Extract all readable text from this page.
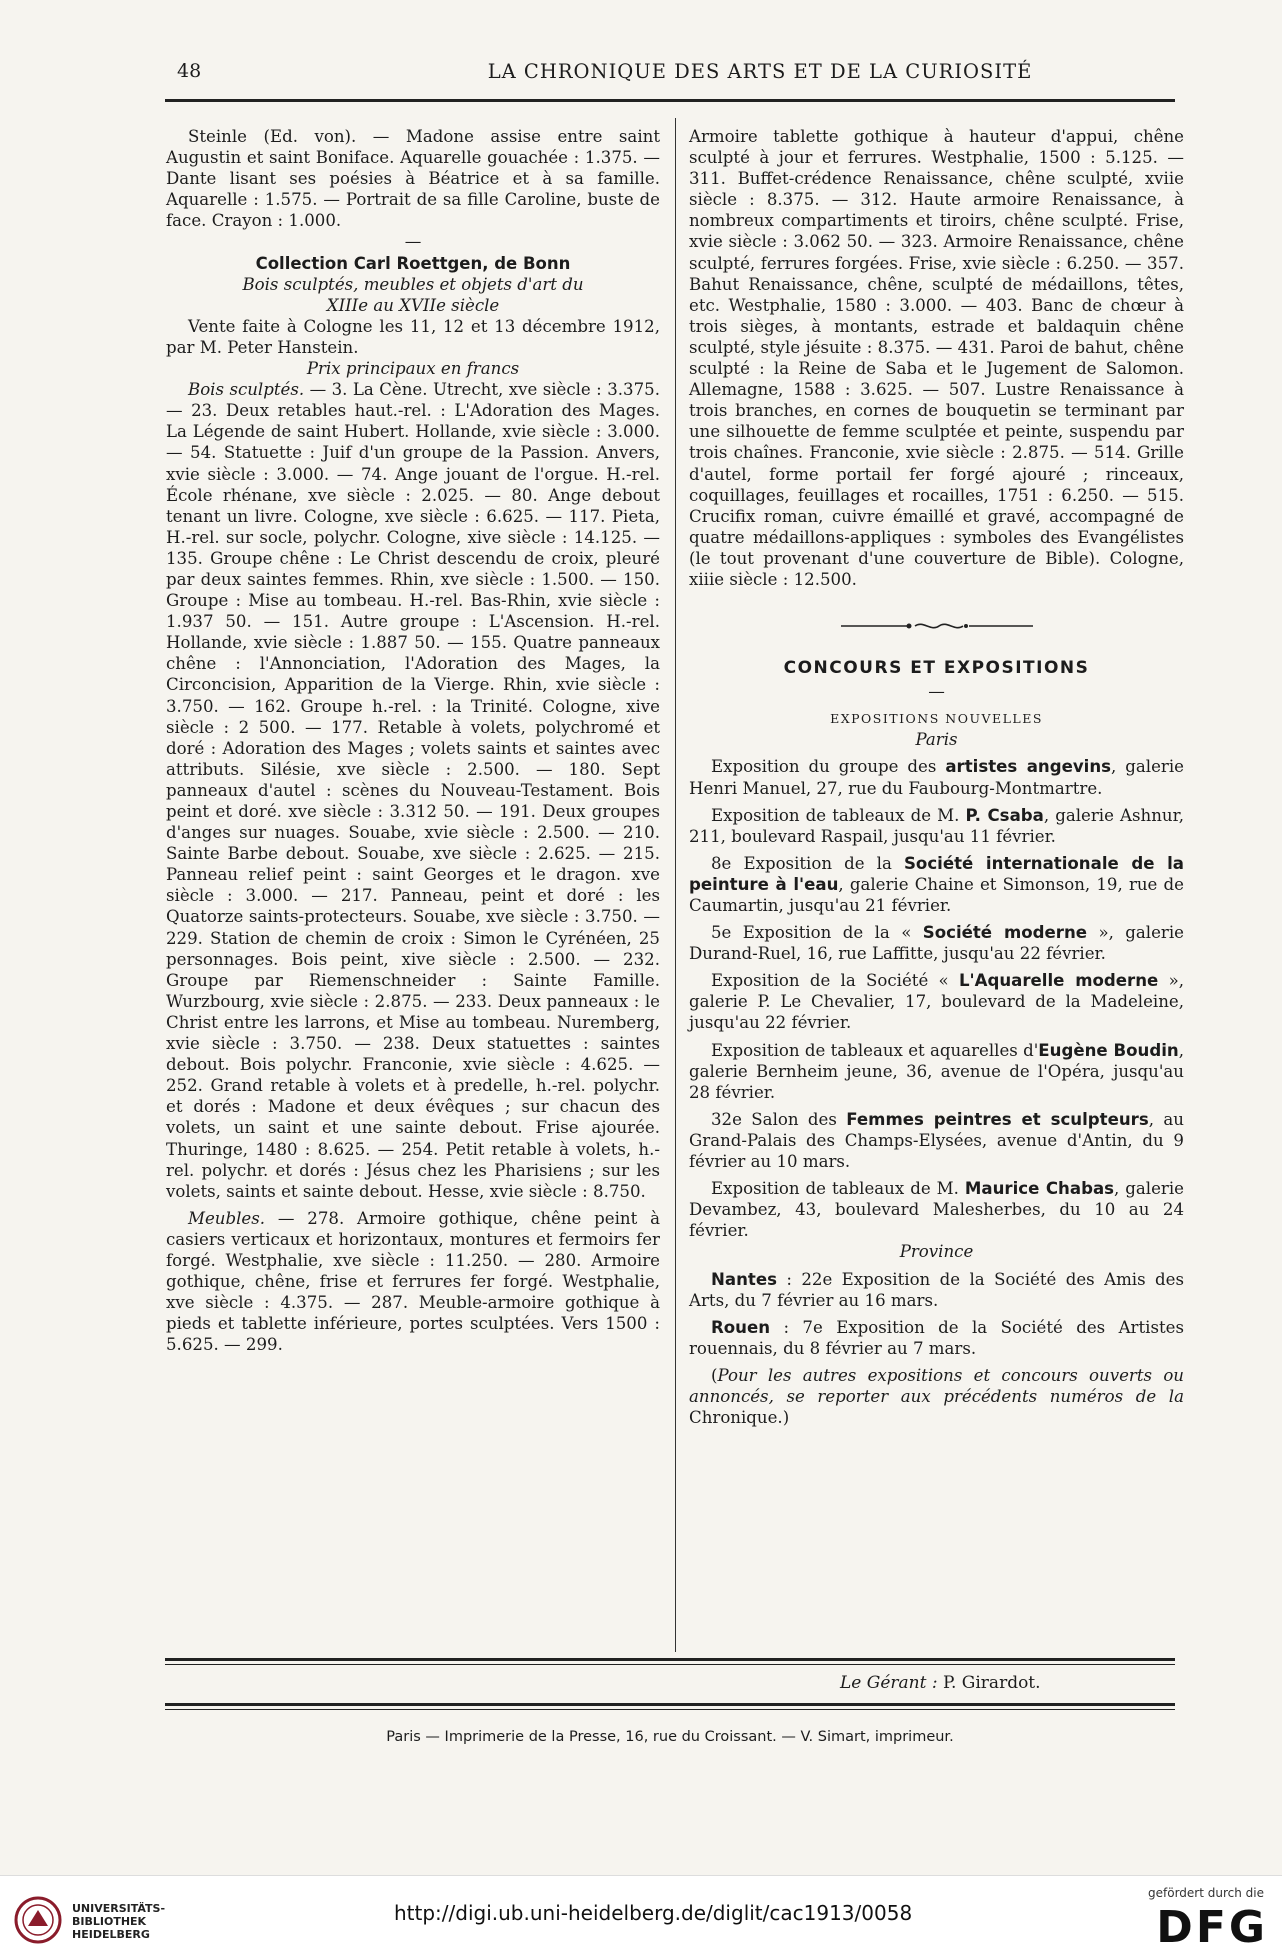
48	LA CHRONIQUE DES ARTS ET DE LA CURIOSITÉ

Steinle (Ed. von). — Madone assise entre saint Augustin et saint Boniface. Aquarelle gouachée : 1.375. — Dante lisant ses poésies à Béatrice et à sa famille. Aquarelle : 1.575. — Portrait de sa fille Caroline, buste de face. Crayon : 1.000.

—

Collection Carl Roettgen, de Bonn

Bois sculptés, meubles et objets d'art du

XIIIe au XVIIe siècle

Vente faite à Cologne les 11, 12 et 13 décembre 1912, par M. Peter Hanstein.

Prix principaux en francs

Bois sculptés. — 3. La Cène. Utrecht, xve siècle : 3.375. — 23. Deux retables haut.-rel. : L'Adoration des Mages. La Légende de saint Hubert. Hollande, xvie siècle : 3.000. — 54. Statuette : Juif d'un groupe de la Passion. Anvers, xvie siècle : 3.000. — 74. Ange jouant de l'orgue. H.-rel. École rhénane, xve siècle : 2.025. — 80. Ange debout tenant un livre. Cologne, xve siècle : 6.625. — 117. Pieta, H.-rel. sur socle, polychr. Cologne, xive siècle : 14.125. — 135. Groupe chêne : Le Christ descendu de croix, pleuré par deux saintes femmes. Rhin, xve siècle : 1.500. — 150. Groupe : Mise au tombeau. H.-rel. Bas-Rhin, xvie siècle : 1.937 50. — 151. Autre groupe : L'Ascension. H.-rel. Hollande, xvie siècle : 1.887 50. — 155. Quatre panneaux chêne : l'Annonciation, l'Adoration des Mages, la Circoncision, Apparition de la Vierge. Rhin, xvie siècle : 3.750. — 162. Groupe h.-rel. : la Trinité. Cologne, xive siècle : 2 500. — 177. Retable à volets, polychromé et doré : Adoration des Mages ; volets saints et saintes avec attributs. Silésie, xve siècle : 2.500. — 180. Sept panneaux d'autel : scènes du Nouveau-Testament. Bois peint et doré. xve siècle : 3.312 50. — 191. Deux groupes d'anges sur nuages. Souabe, xvie siècle : 2.500. — 210. Sainte Barbe debout. Souabe, xve siècle : 2.625. — 215. Panneau relief peint : saint Georges et le dragon. xve siècle : 3.000. — 217. Panneau, peint et doré : les Quatorze saints-protecteurs. Souabe, xve siècle : 3.750. — 229. Station de chemin de croix : Simon le Cyrénéen, 25 personnages. Bois peint, xive siècle : 2.500. — 232. Groupe par Riemenschneider : Sainte Famille. Wurzbourg, xvie siècle : 2.875. — 233. Deux panneaux : le Christ entre les larrons, et Mise au tombeau. Nuremberg, xvie siècle : 3.750. — 238. Deux statuettes : saintes debout. Bois polychr. Franconie, xvie siècle : 4.625. — 252. Grand retable à volets et à predelle, h.-rel. polychr. et dorés : Madone et deux évêques ; sur chacun des volets, un saint et une sainte debout. Frise ajourée. Thuringe, 1480 : 8.625. — 254. Petit retable à volets, h.-rel. polychr. et dorés : Jésus chez les Pharisiens ; sur les volets, saints et sainte debout. Hesse, xvie siècle : 8.750.

Meubles. — 278. Armoire gothique, chêne peint à casiers verticaux et horizontaux, montures et fermoirs fer forgé. Westphalie, xve siècle : 11.250. — 280. Armoire gothique, chêne, frise et ferrures fer forgé. Westphalie, xve siècle : 4.375. — 287. Meuble-armoire gothique à pieds et tablette inférieure, portes sculptées. Vers 1500 : 5.625. — 299.

Armoire tablette gothique à hauteur d'appui, chêne sculpté à jour et ferrures. Westphalie, 1500 : 5.125. — 311. Buffet-crédence Renaissance, chêne sculpté, xviie siècle : 8.375. — 312. Haute armoire Renaissance, à nombreux compartiments et tiroirs, chêne sculpté. Frise, xvie siècle : 3.062 50. — 323. Armoire Renaissance, chêne sculpté, ferrures forgées. Frise, xvie siècle : 6.250. — 357. Bahut Renaissance, chêne, sculpté de médaillons, têtes, etc. Westphalie, 1580 : 3.000. — 403. Banc de chœur à trois sièges, à montants, estrade et baldaquin chêne sculpté, style jésuite : 8.375. — 431. Paroi de bahut, chêne sculpté : la Reine de Saba et le Jugement de Salomon. Allemagne, 1588 : 3.625. — 507. Lustre Renaissance à trois branches, en cornes de bouquetin se terminant par une silhouette de femme sculptée et peinte, suspendu par trois chaînes. Franconie, xvie siècle : 2.875. — 514. Grille d'autel, forme portail fer forgé ajouré ; rinceaux, coquillages, feuillages et rocailles, 1751 : 6.250. — 515. Crucifix roman, cuivre émaillé et gravé, accompagné de quatre médaillons-appliques : symboles des Evangélistes (le tout provenant d'une couverture de Bible). Cologne, xiiie siècle : 12.500.

CONCOURS ET EXPOSITIONS

—

EXPOSITIONS NOUVELLES

Paris

Exposition du groupe des artistes angevins, galerie Henri Manuel, 27, rue du Faubourg-Montmartre.

Exposition de tableaux de M. P. Csaba, galerie Ashnur, 211, boulevard Raspail, jusqu'au 11 février.

8e Exposition de la Société internationale de la peinture à l'eau, galerie Chaine et Simonson, 19, rue de Caumartin, jusqu'au 21 février.

5e Exposition de la « Société moderne », galerie Durand-Ruel, 16, rue Laffitte, jusqu'au 22 février.

Exposition de la Société « L'Aquarelle moderne », galerie P. Le Chevalier, 17, boulevard de la Madeleine, jusqu'au 22 février.

Exposition de tableaux et aquarelles d'Eugène Boudin, galerie Bernheim jeune, 36, avenue de l'Opéra, jusqu'au 28 février.

32e Salon des Femmes peintres et sculpteurs, au Grand-Palais des Champs-Elysées, avenue d'Antin, du 9 février au 10 mars.

Exposition de tableaux de M. Maurice Chabas, galerie Devambez, 43, boulevard Malesherbes, du 10 au 24 février.

Province

Nantes : 22e Exposition de la Société des Amis des Arts, du 7 février au 16 mars.

Rouen : 7e Exposition de la Société des Artistes rouennais, du 8 février au 7 mars.

(Pour les autres expositions et concours ouverts ou annoncés, se reporter aux précédents numéros de la Chronique.)

Le Gérant : P. Girardot.
Paris — Imprimerie de la Presse, 16, rue du Croissant. — V. Simart, imprimeur.
UNIVERSITÄTS-
BIBLIOTHEK
HEIDELBERG
http://digi.ub.uni-heidelberg.de/diglit/cac1913/0058
gefördert durch die
DFG
